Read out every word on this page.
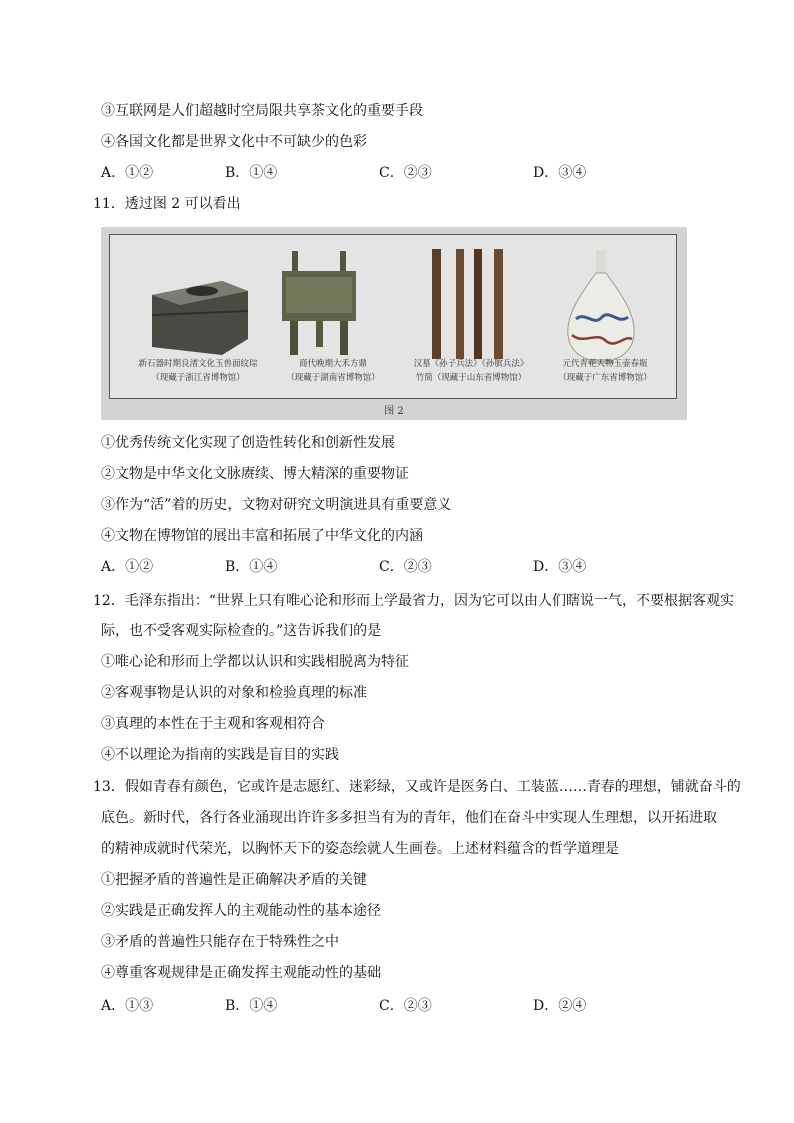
③互联网是人们超越时空局限共享茶文化的重要手段
④各国文化都是世界文化中不可缺少的色彩
A．①②	B．①④	C．②③	D．③④
11．透过图 2 可以看出
新石器时期良渚文化玉兽面纹琮
（现藏于浙江省博物馆）
商代晚期大禾方鼎
（现藏于湖南省博物馆）
汉墓《孙子兵法》《孙膑兵法》
竹简（现藏于山东省博物馆）
元代青花人物玉壶春瓶
（现藏于广东省博物馆）
图 2
①优秀传统文化实现了创造性转化和创新性发展
②文物是中华文化文脉赓续、博大精深的重要物证
③作为“活”着的历史，文物对研究文明演进具有重要意义
④文物在博物馆的展出丰富和拓展了中华文化的内涵
A．①②	B．①④	C．②③	D．③④
12．毛泽东指出：“世界上只有唯心论和形而上学最省力，因为它可以由人们瞎说一气，不要根据客观实
际，也不受客观实际检查的。”这告诉我们的是
①唯心论和形而上学都以认识和实践相脱离为特征
②客观事物是认识的对象和检验真理的标准
③真理的本性在于主观和客观相符合
④不以理论为指南的实践是盲目的实践
13．假如青春有颜色，它或许是志愿红、迷彩绿，又或许是医务白、工装蓝……青春的理想，铺就奋斗的
底色。新时代，各行各业涌现出许许多多担当有为的青年，他们在奋斗中实现人生理想，以开拓进取
的精神成就时代荣光，以胸怀天下的姿态绘就人生画卷。上述材料蕴含的哲学道理是
①把握矛盾的普遍性是正确解决矛盾的关键
②实践是正确发挥人的主观能动性的基本途径
③矛盾的普遍性只能存在于特殊性之中
④尊重客观规律是正确发挥主观能动性的基础
A．①③	B．①④	C．②③	D．②④
